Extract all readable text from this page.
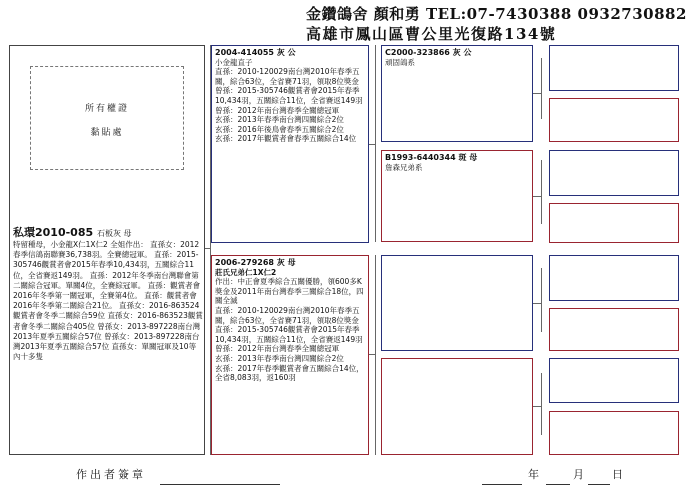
金鑽鴿舍 顏和勇 TEL:07-7430388 0932730882
高雄市鳳山區曹公里光復路134號
所有權證
黏貼處
私環2010-085 石板灰 母
特留種母，小金龍X仁1X仁2 全姐作出： 直孫女：2012春季信鴿南聯賽36,738羽。全賽總冠軍。 直孫：2015-305746觀賞者會2015年春季10,434羽，五關綜合11位，全省賽返149羽。 直孫：2012年冬季南台灣聯會第二關綜合冠軍。單關4位，全賽綜冠軍。 直孫：觀賞者會2016年冬季第一關冠軍，全賽第4位。 直孫：觀賞者會2016年冬季第二關綜合21位。 直孫女：2016-863524觀賞者會冬季二關綜合59位 直孫女：2016-863523觀賞者會冬季二關綜合405位 曾孫女：2013-897228南台灣2013年夏季五關綜合57位 曾孫女：2013-897228南台灣2013年夏季五關綜合57位 直孫女：單關冠軍及10等內十多隻
2004-414055 灰 公
小金龍直子
直孫：2010-120029南台灣2010年春季五關，綜合63位，全省賽71羽，領取8位獎金
曾孫：2015-305746觀賞者會2015年春季10,434羽，五關綜合11位，全省賽返149羽
曾孫：2012年南台灣春季全關總冠軍
玄孫：2013年春季南台灣四關綜合2位
玄孫：2016年後鳥會春季五關綜合2位
玄孫：2017年觀賞者會春季五關綜合14位
2006-279268 灰 母
莊氏兄弟仁1X仁2
作出：中正會夏季綜合五關優勝，領600多K獎金及2011年南台灣春季三關綜合18位，四關全滅
直孫：2010-120029南台灣2010年春季五關，綜合63位，全省賽71羽，領取8位獎金
直孫：2015-305746觀賞者會2015年春季10,434羽，五關綜合11位，全省賽返149羽
曾孫：2012年南台灣春季全關總冠軍
玄孫：2013年春季南台灣四關綜合2位
玄孫：2017年春季觀賞者會五關綜合14位，全省8,083羽，返160羽
C2000-323866 灰 公
頑固鴿系
B1993-6440344 斑 母
詹森兄弟系
作出者簽章	年	月	日
